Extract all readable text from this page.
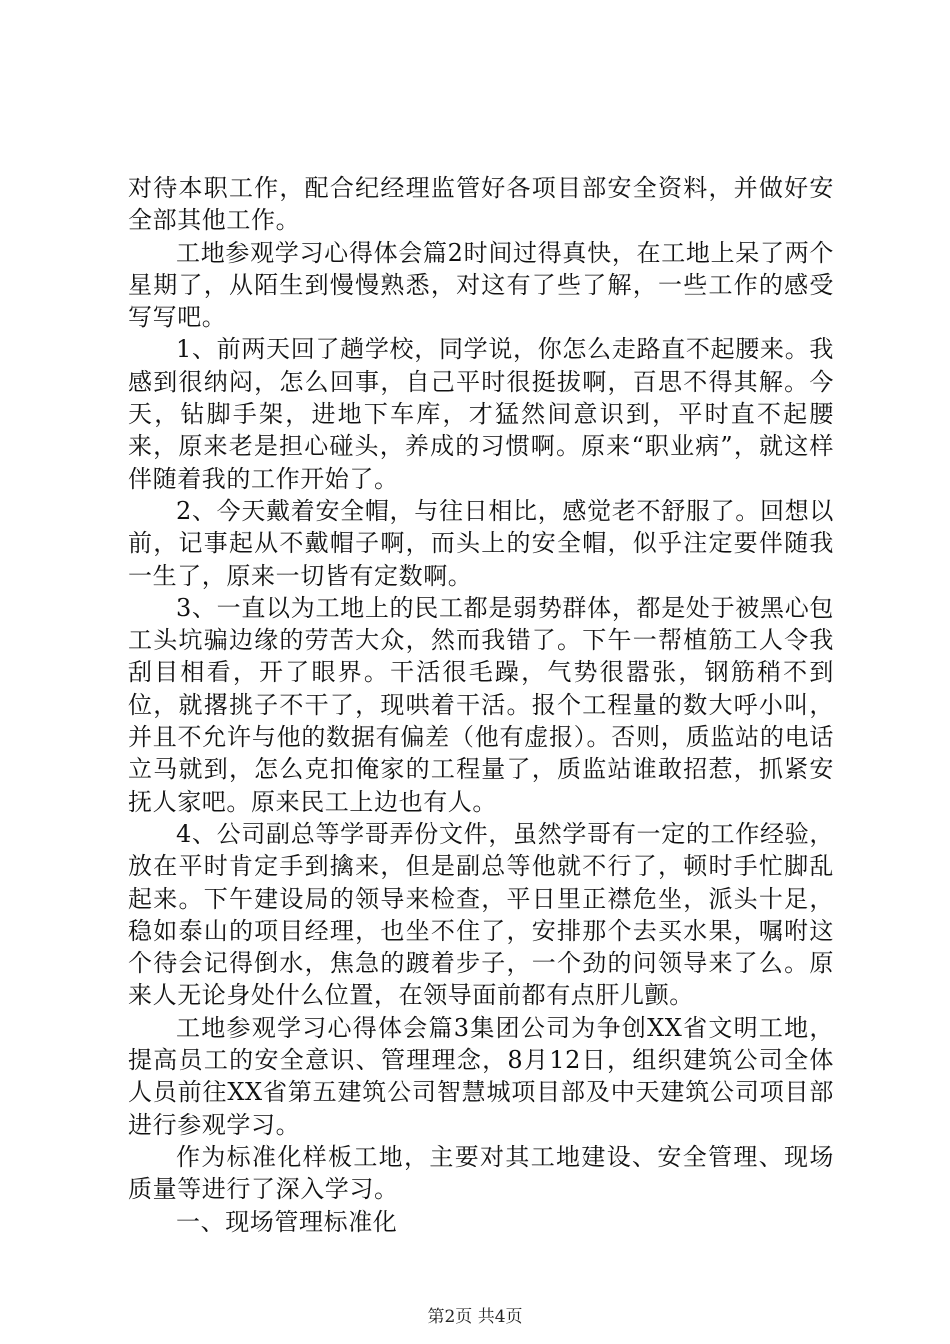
对待本职工作，配合纪经理监管好各项目部安全资料，并做好安全部其他工作。

工地参观学习心得体会篇2时间过得真快，在工地上呆了两个星期了，从陌生到慢慢熟悉，对这有了些了解，一些工作的感受写写吧。

1、前两天回了趟学校，同学说，你怎么走路直不起腰来。我感到很纳闷，怎么回事，自己平时很挺拔啊，百思不得其解。今天，钻脚手架，进地下车库，才猛然间意识到，平时直不起腰来，原来老是担心碰头，养成的习惯啊。原来“职业病”，就这样伴随着我的工作开始了。

2、今天戴着安全帽，与往日相比，感觉老不舒服了。回想以前，记事起从不戴帽子啊，而头上的安全帽，似乎注定要伴随我一生了，原来一切皆有定数啊。

3、一直以为工地上的民工都是弱势群体，都是处于被黑心包工头坑骗边缘的劳苦大众，然而我错了。下午一帮植筋工人令我刮目相看，开了眼界。干活很毛躁，气势很嚣张，钢筋稍不到位，就撂挑子不干了，现哄着干活。报个工程量的数大呼小叫，并且不允许与他的数据有偏差（他有虚报）。否则，质监站的电话立马就到，怎么克扣俺家的工程量了，质监站谁敢招惹，抓紧安抚人家吧。原来民工上边也有人。

4、公司副总等学哥弄份文件，虽然学哥有一定的工作经验，放在平时肯定手到擒来，但是副总等他就不行了，顿时手忙脚乱起来。下午建设局的领导来检查，平日里正襟危坐，派头十足，稳如泰山的项目经理，也坐不住了，安排那个去买水果，嘱咐这个待会记得倒水，焦急的踱着步子，一个劲的问领导来了么。原来人无论身处什么位置，在领导面前都有点肝儿颤。

工地参观学习心得体会篇3集团公司为争创XX省文明工地，提高员工的安全意识、管理理念，8月12日，组织建筑公司全体人员前往XX省第五建筑公司智慧城项目部及中天建筑公司项目部进行参观学习。

作为标准化样板工地，主要对其工地建设、安全管理、现场质量等进行了深入学习。

一、现场管理标准化

第2页 共4页
